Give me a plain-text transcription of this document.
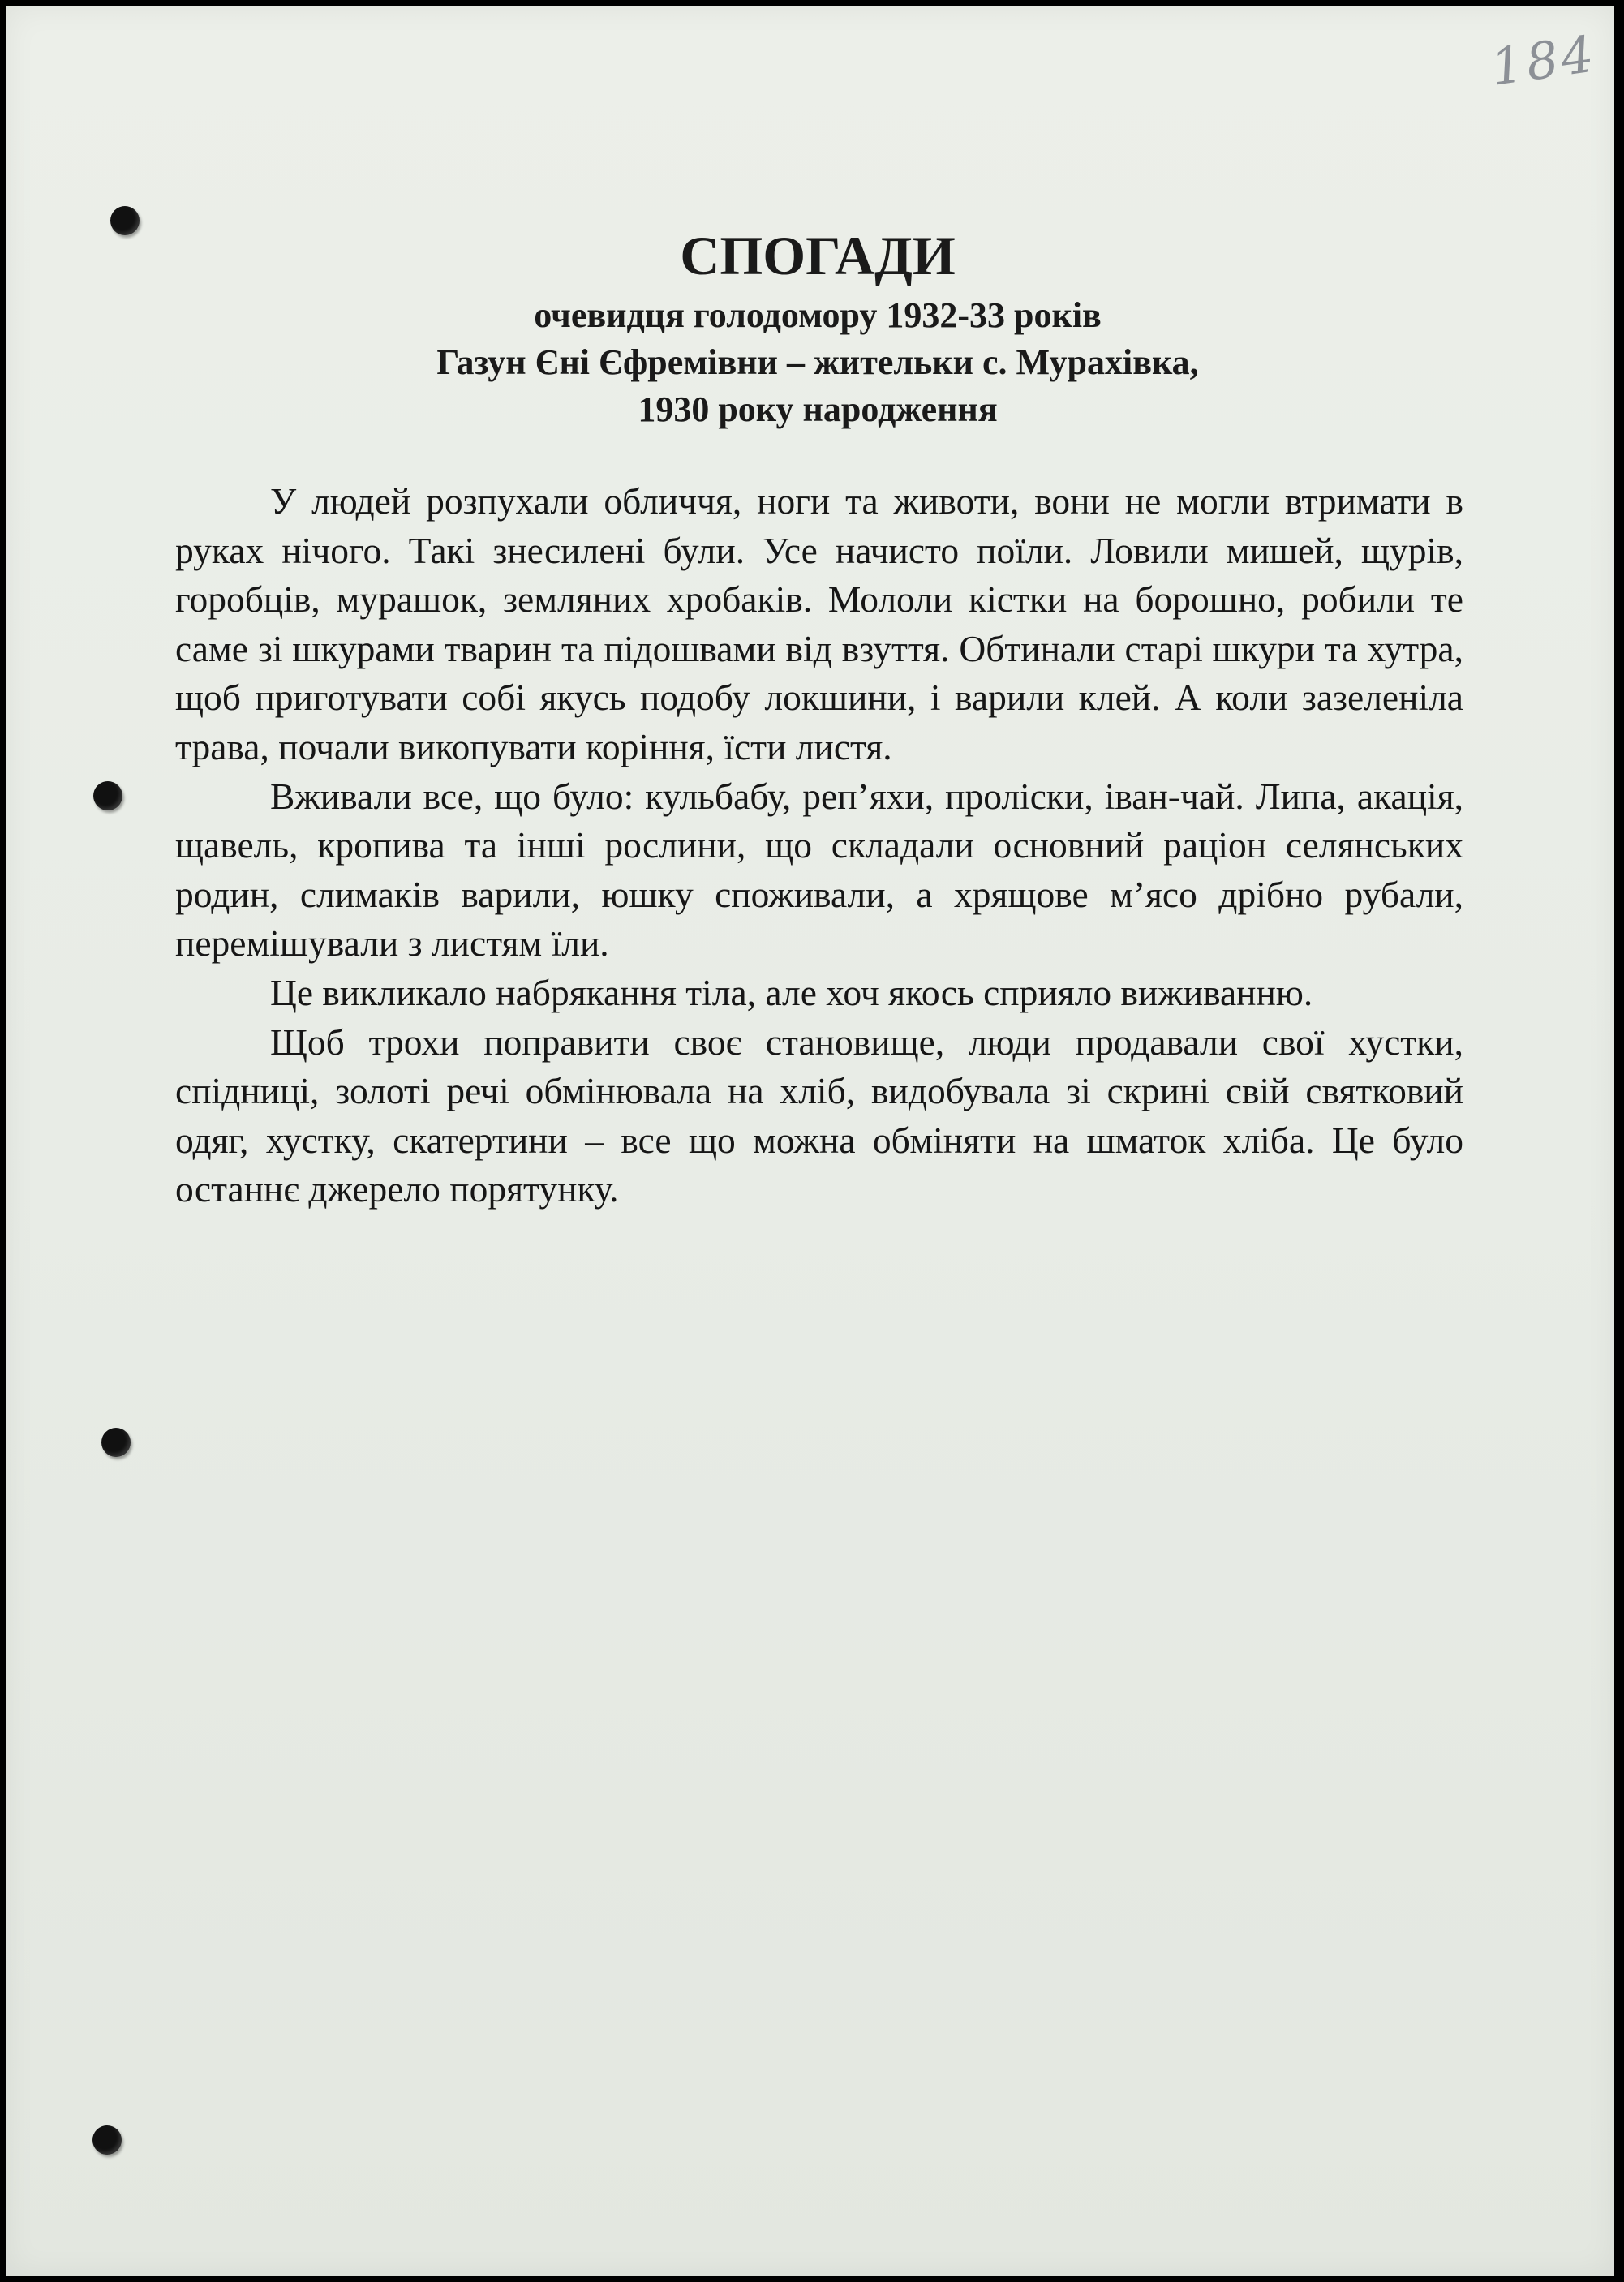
184
СПОГАДИ
очевидця голодомору 1932-33 років
Газун Єні Єфремівни – жительки с. Мурахівка,
1930 року народження

У людей розпухали обличчя, ноги та животи, вони не могли втримати в руках нічого. Такі знесилені були. Усе начисто поїли. Ловили мишей, щурів, горобців, мурашок, земляних хробаків. Мололи кістки на борошно, робили те саме зі шкурами тварин та підошвами від взуття. Обтинали старі шкури та хутра, щоб приготувати собі якусь подобу локшини, і варили клей. А коли зазеленіла трава, почали викопувати коріння, їсти листя.

Вживали все, що було: кульбабу, реп’яхи, проліски, іван-чай. Липа, акація, щавель, кропива та інші рослини, що складали основний раціон селянських родин, слимаків варили, юшку споживали, а хрящове м’ясо дрібно рубали, перемішували з листям їли.

Це викликало набрякання тіла, але хоч якось сприяло виживанню.

Щоб трохи поправити своє становище, люди продавали свої хустки, спідниці, золоті речі обмінювала на хліб, видобувала зі скрині свій святковий одяг, хустку, скатертини – все що можна обміняти на шматок хліба. Це було останнє джерело порятунку.
